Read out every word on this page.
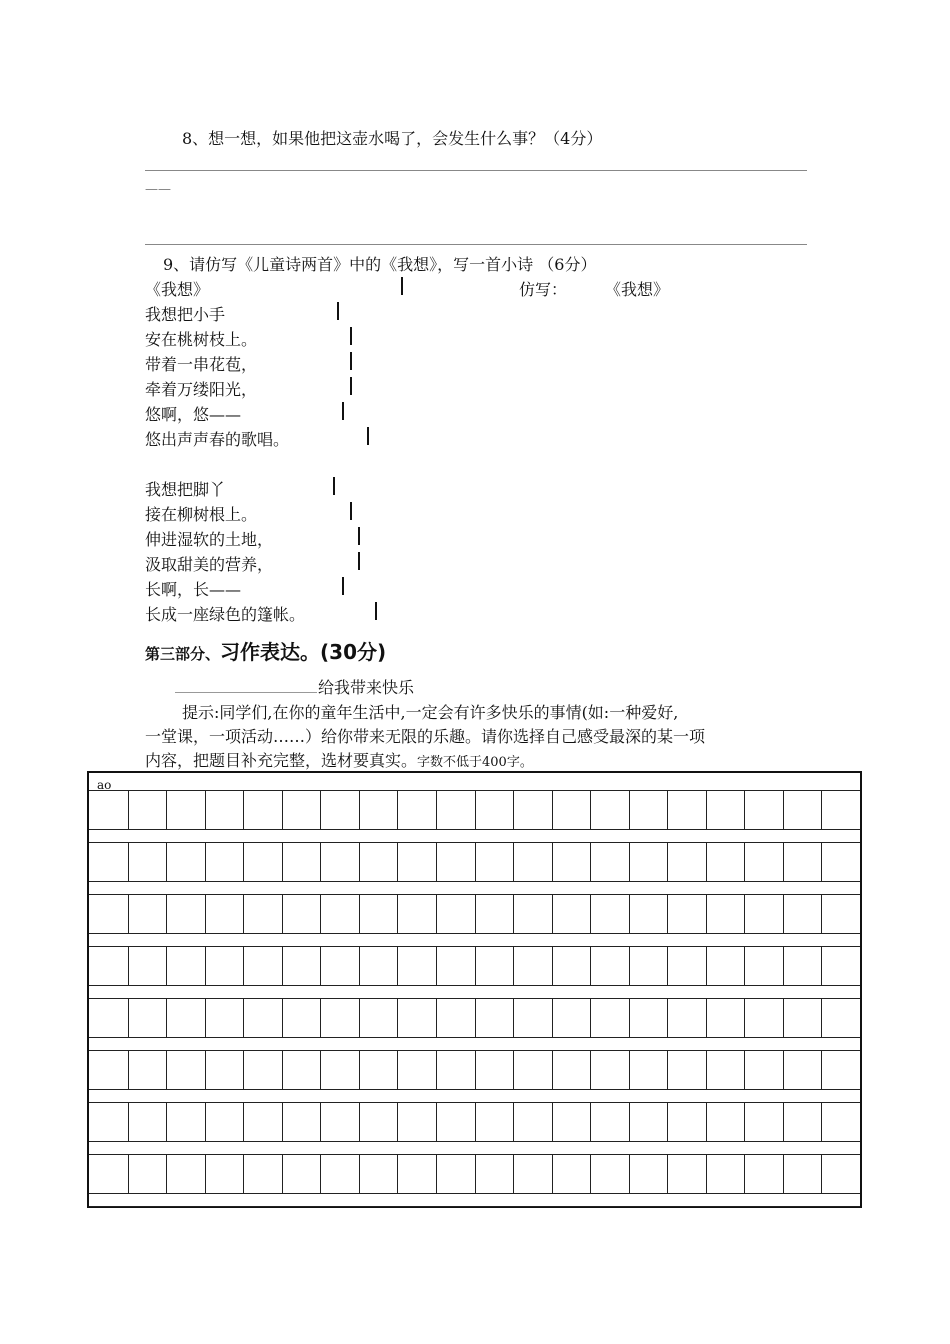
8、想一想，如果他把这壶水喝了，会发生什么事？（4分）
——
9、请仿写《儿童诗两首》中的《我想》，写一首小诗 （6分）
《我想》	仿写： 《我想》
我想把小手
安在桃树枝上。
带着一串花苞，
牵着万缕阳光，
悠啊，悠——
悠出声声春的歌唱。
我想把脚丫
接在柳树根上。
伸进湿软的土地，
汲取甜美的营养，
长啊，长——
长成一座绿色的篷帐。
第三部分、习作表达。(30分)
给我带来快乐
提示:同学们,在你的童年生活中,一定会有许多快乐的事情(如:一种爱好,
一堂课，一项活动……）给你带来无限的乐趣。请你选择自己感受最深的某一项
内容，把题目补充完整，选材要真实。字数不低于400字。
ao
